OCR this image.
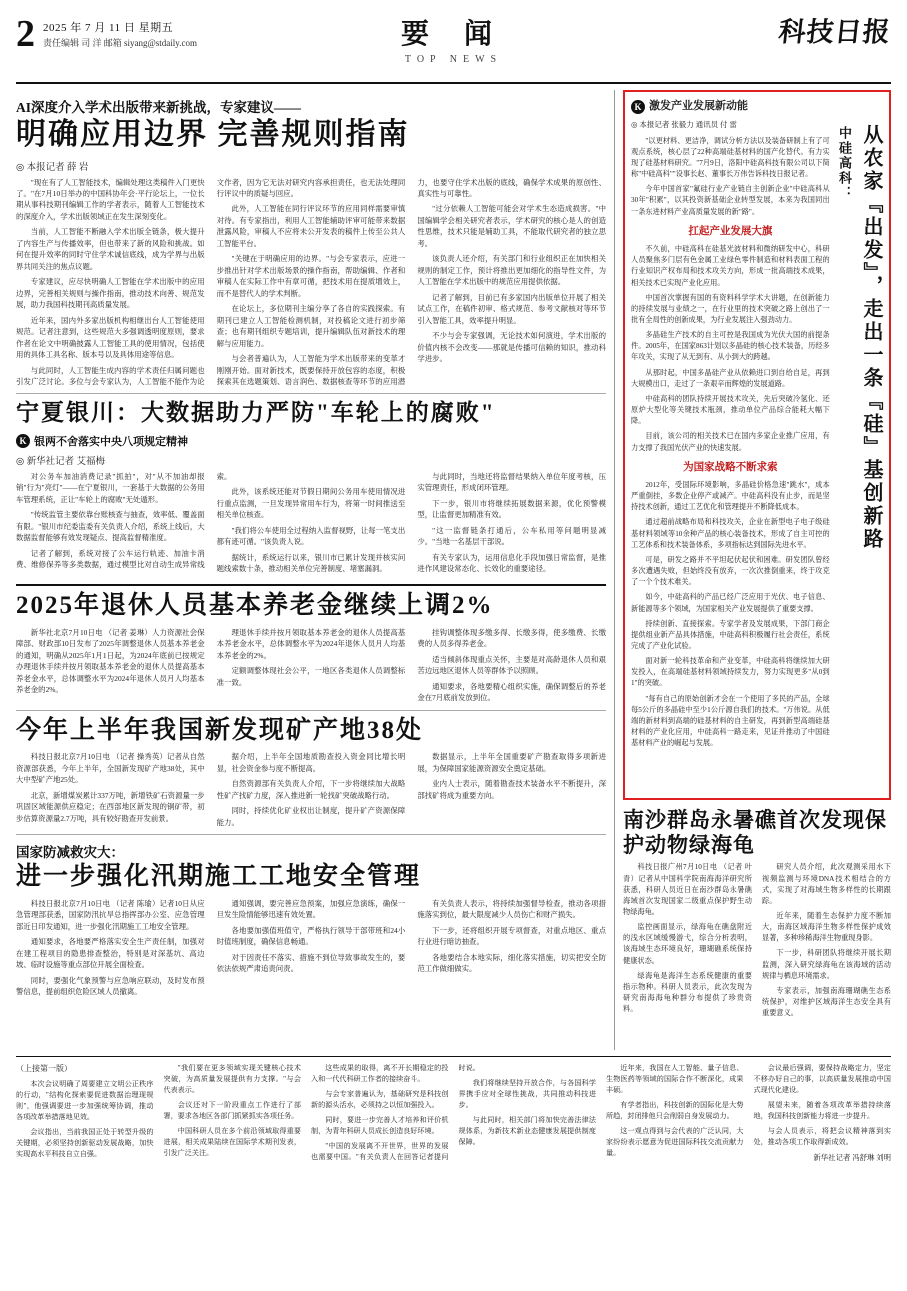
2 2025 年 7 月 11 日 星期五
责任编辑 司 洋 邮箱 siyang@stdaily.com	要 闻
TOP NEWS
科技日报
AI深度介入学术出版带来新挑战，专家建议——
明确应用边界 完善规则指南
◎ 本报记者 薛 岩

"现在有了人工智能技术，编辑处理这类稿件入门更快了。"在7月10日举办的中国科协年会·平行论坛上，一位长期从事科技期刊编辑工作的学者表示，随着人工智能技术的深度介入，学术出版领域正在发生深刻变化。

当前，人工智能不断融入学术出版全链条，极大提升了内容生产与传播效率，但也带来了新的风险和挑战。如何在提升效率的同时守住学术诚信底线，成为学界与出版界共同关注的焦点议题。

专家建议，应尽快明确人工智能在学术出版中的应用边界，完善相关规则与操作指南，推动技术向善、规范发展，助力我国科技期刊高质量发展。

近年来，国内外多家出版机构相继出台人工智能使用规范。记者注意到，这些规范大多强调透明度原则，要求作者在论文中明确披露人工智能工具的使用情况，包括使用的具体工具名称、版本号以及具体用途等信息。

与此同时，人工智能生成内容的学术责任归属问题也引发广泛讨论。多位与会专家认为，人工智能不能作为论文作者，因为它无法对研究内容承担责任，也无法处理同行评议中的质疑与回应。

此外，人工智能在同行评议环节的应用同样需要审慎对待。有专家指出，利用人工智能辅助评审可能带来数据泄露风险，审稿人不应将未公开发表的稿件上传至公共人工智能平台。

"关键在于明确应用的边界。"与会专家表示，应进一步推出针对学术出版场景的操作指南，帮助编辑、作者和审稿人在实际工作中有章可循，把技术用在提质增效上，而不是替代人的学术判断。

在论坛上，多位期刊主编分享了各自的实践探索。有期刊已建立人工智能检测机制，对投稿论文进行初步筛查；也有期刊组织专题培训，提升编辑队伍对新技术的理解与应用能力。

与会者普遍认为，人工智能为学术出版带来的变革才刚刚开始。面对新技术，既要保持开放包容的态度，积极探索其在选题策划、语言润色、数据核查等环节的应用潜力，也要守住学术出版的底线，确保学术成果的原创性、真实性与可靠性。

"过分依赖人工智能可能会对学术生态造成损害。"中国编辑学会相关研究者表示，学术研究的核心是人的创造性思维，技术只能是辅助工具，不能取代研究者的独立思考。

该负责人还介绍，有关部门和行业组织正在加快相关规则的制定工作，预计将推出更加细化的指导性文件，为人工智能在学术出版中的规范应用提供依据。

记者了解到，目前已有多家国内出版单位开展了相关试点工作，在稿件初审、格式规范、参考文献核对等环节引入智能工具，效率提升明显。

不少与会专家强调，无论技术如何演进，学术出版的价值内核不会改变——那就是传播可信赖的知识，推动科学进步。

宁夏银川：大数据助力严防"车轮上的腐败"
K 银两不舍落实中央八项规定精神
◎ 新华社记者 艾福梅

对公务车加油消费记录"抓拍"，对"从不加油却报销"行为"亮灯"——在宁夏银川，一套基于大数据的公务用车管理系统，正让"车轮上的腐败"无处遁形。

"传统监管主要依靠台账核查与抽查，效率低、覆盖面有限。"银川市纪委监委有关负责人介绍，系统上线后，大数据监督能够有效发现疑点、提高监督精准度。

记者了解到，系统对接了公车运行轨迹、加油卡消费、维修保养等多类数据，通过模型比对自动生成异常线索。

此外，该系统还能对节假日期间公务用车使用情况进行重点监测，一旦发现异常用车行为，将第一时间推送至相关单位核查。

"我们将公车使用全过程纳入监督视野，让每一笔支出都有迹可循。"该负责人说。

据统计，系统运行以来，银川市已累计发现并核实问题线索数十条，推动相关单位完善制度、堵塞漏洞。

与此同时，当地还将监督结果纳入单位年度考核，压实管理责任，形成闭环管理。

下一步，银川市将继续拓展数据来源，优化预警模型，让监督更加精准有效。

"这一监督链条打通后，公车私用等问题明显减少。"当地一名基层干部说。

有关专家认为，运用信息化手段加强日常监督，是推进作风建设常态化、长效化的重要途径。

2025年退休人员基本养老金继续上调2%

新华社北京7月10日电 （记者 姜琳）人力资源社会保障部、财政部10日发布了2025年调整退休人员基本养老金的通知，明确从2025年1月1日起，为2024年底前已按规定办理退休手续并按月领取基本养老金的退休人员提高基本养老金水平，总体调整水平为2024年退休人员月人均基本养老金的2%。

理退休手续并按月领取基本养老金的退休人员提高基本养老金水平，总体调整水平为2024年退休人员月人均基本养老金的2%。

定额调整体现社会公平，一地区各类退休人员调整标准一致。

挂钩调整体现多缴多得、长缴多得，使多缴费、长缴费的人员多得养老金。

适当倾斜体现重点关怀，主要是对高龄退休人员和艰苦边远地区退休人员等群体予以照顾。

通知要求，各地要精心组织实施，确保调整后的养老金在7月底前发放到位。

今年上半年我国新发现矿产地38处

科技日报北京7月10日电 （记者 操秀英）记者从自然资源部获悉，今年上半年，全国新发现矿产地38处，其中大中型矿产地25处。

北京，新增煤炭累计337万吨，新增铁矿石资源量一步巩固区域能源供应稳定；在西部地区新发现的铜矿带，初步估算资源量2.7万吨，具有较好勘查开发前景。

据介绍，上半年全国地质勘查投入资金同比增长明显，社会资金参与度不断提高。

自然资源部有关负责人介绍，下一步将继续加大战略性矿产找矿力度，深入推进新一轮找矿突破战略行动。

同时，持续优化矿业权出让制度，提升矿产资源保障能力。

数据显示，上半年全国重要矿产勘查取得多项新进展，为保障国家能源资源安全奠定基础。

业内人士表示，随着勘查技术装备水平不断提升，深部找矿将成为重要方向。

国家防减救灾大：
进一步强化汛期施工工地安全管理

科技日报北京7月10日电 （记者 陈瑜）记者10日从应急管理部获悉，国家防汛抗旱总指挥部办公室、应急管理部近日印发通知，进一步强化汛期施工工地安全管理。

通知要求，各地要严格落实安全生产责任制，加强对在建工程项目的隐患排查整治，特别是对深基坑、高边坡、临时设施等重点部位开展全面检查。

同时，要强化气象预警与应急响应联动，及时发布预警信息，提前组织危险区域人员撤离。

通知强调，要完善应急预案，加强应急演练，确保一旦发生险情能够迅速有效处置。

各地要加强值班值守，严格执行领导干部带班和24小时值班制度，确保信息畅通。

对于因责任不落实、措施不到位导致事故发生的，要依法依规严肃追责问责。

有关负责人表示，将持续加强督导检查，推动各项措施落实到位，最大限度减少人员伤亡和财产损失。

下一步，还将组织开展专项督查，对重点地区、重点行业进行暗访抽查。

各地要结合本地实际，细化落实措施，切实把安全防范工作做细做实。

从农家『出发』，走出一条『硅』基创新路
中硅高科：
K 激发产业发展新动能
◎ 本报记者 张毅力 通讯员 付 雷

"以更材料、更洁净，调试分析方法以及装备研制上有了可观点系统，核心层了22种高端硅基材料的国产化替代。有力实现了硅基材料研究。"7月9日，洛阳中硅高科技有限公司以下简称"中硅高科""设事长赵、董事长万伟告诉科技日报记者。

今年中国首家"氟硅行业产业链自主创新企业"中硅高科从30年"积累"，以其投资新基础企业转型发展，本来为我国同出一条东进材料产业高质量发展的新"路"。

扛起产业发展大旗

不久前，中硅高科在硅基光波材料和微纳研发中心，科研人员聚焦多门层有色金属工业绿色零件制造和材料表面工程的行业知识产权布局和技术攻关方向，形成一批高端技术成果，相关技术已实现产业化应用。

中国首次掌握有国的有资料科学学术大讲题，在创新能力的持续发展与业绩之一，在行业里的技术突破之路上创出了一批有全局性的创新成果，为行业发展注入强劲动力。

多晶硅生产技术的自主可控是我国成为光伏大国的前提条件。2005年，在国家863计划以多晶硅的核心技术装备，历经多年攻关，实现了从无到有、从小到大的跨越。

从那时起，中国多晶硅产业从依赖进口到自给自足，再到大规模出口，走过了一条艰辛而辉煌的发展道路。

中硅高科的团队持续开展技术攻关，先后突破冷氢化、还原炉大型化等关键技术瓶颈，推动单位产品综合能耗大幅下降。

目前，该公司的相关技术已在国内多家企业推广应用，有力支撑了我国光伏产业的快速发展。

为国家战略不断求索

2012年，受国际环境影响，多晶硅价格急速"跳水"，成本严重倒挂，多数企业停产或减产。中硅高科没有止步，而是坚持技术创新，通过工艺优化和管理提升不断降低成本。

通过超前战略布局和科技攻关，企业在新型电子电子级硅基材料领域等10余种产品的核心装备技术，形成了自主可控的工艺体系和技术装备体系，多项指标达到国际先进水平。

可是，研发之路并不平坦起伏起伏和困难。研发团队曾经多次遭遇失败，但始终没有放弃，一次次推倒重来，终于攻克了一个个技术难关。

如今，中硅高科的产品已经广泛应用于光伏、电子信息、新能源等多个领域，为国家相关产业发展提供了重要支撑。

持续创新、直接探索。专家学者及发展成果，下部门商企提供组业新产品具体措施，中硅高科积极履行社会责任，系统完成了产业化试验。

面对新一轮科技革命和产业变革，中硅高科将继续加大研发投入，在高端硅基材料领域持续发力，努力实现更多"从0到1"的突破。

"每有自己的原始创新才会在一个使用了多民的产品，全球每5公斤的多晶硅中至少1公斤源自我们的技术。"万伟说。从低端的新材料到高端的硅基材料的自主研发，再到新型高端硅基材料的产业化应用，中硅高科一路走来，见证并推动了中国硅基材料产业的崛起与发展。

南沙群岛永暑礁首次发现保护动物绿海龟

科技日报广州7月10日电 （记者 叶青）记者从中国科学院南海海洋研究所获悉，科研人员近日在南沙群岛永暑礁海域首次发现国家二级重点保护野生动物绿海龟。

监控画面显示，绿海龟在礁盘附近的浅水区域缓慢游弋，综合分析表明，该海域生态环境良好，珊瑚礁系统保持健康状态。

绿海龟是海洋生态系统健康的重要指示物种。科研人员表示，此次发现为研究南海海龟种群分布提供了珍贵资料。

研究人员介绍，此次观测采用水下视频监测与环境DNA技术相结合的方式，实现了对海域生物多样性的长期跟踪。

近年来，随着生态保护力度不断加大，南海区域海洋生物多样性保护成效显著，多种珍稀海洋生物重现身影。

下一步，科研团队将继续开展长期监测，深入研究绿海龟在该海域的活动规律与栖息环境需求。

专家表示，加强南海珊瑚礁生态系统保护，对维护区域海洋生态安全具有重要意义。

（上接第一版）

本次会议明确了周要建立文明公正秩序的行动，"结构化探索要促进数据治理现规则"，他强调要进一步加强统筹协调，推动各项改革举措落地见效。

会议指出，当前我国正处于转型升级的关键期，必须坚持创新驱动发展战略，加快实现高水平科技自立自强。

"我们要在更多领域实现关键核心技术突破，为高质量发展提供有力支撑。"与会代表表示。

会议还对下一阶段重点工作进行了部署，要求各地区各部门抓紧抓实各项任务。

中国科研人员在多个前沿领域取得重要进展，相关成果陆续在国际学术期刊发表，引发广泛关注。

这些成果的取得，离不开长期稳定的投入和一代代科研工作者的接续奋斗。

与会专家普遍认为，基础研究是科技创新的源头活水，必须持之以恒加强投入。

同时，要进一步完善人才培养和评价机制，为青年科研人员成长创造良好环境。

"中国的发展离不开世界，世界的发展也需要中国。"有关负责人在回答记者提问时说。

我们将继续坚持开放合作，与各国科学界携手应对全球性挑战，共同推动科技进步。

与此同时，相关部门将加快完善法律法规体系，为新技术新业态健康发展提供制度保障。

近年来，我国在人工智能、量子信息、生物医药等领域的国际合作不断深化，成果丰硕。

有学者指出，科技创新的国际化是大势所趋，封闭排他只会削弱自身发展动力。

这一观点得到与会代表的广泛认同，大家纷纷表示愿意为促进国际科技交流贡献力量。

会议最后强调，要保持战略定力，坚定不移办好自己的事，以高质量发展推动中国式现代化建设。

展望未来，随着各项改革举措持续落地，我国科技创新能力将进一步提升。

与会人员表示，将把会议精神落到实处，推动各项工作取得新成效。

新华社记者 冯舒琳 刘明
